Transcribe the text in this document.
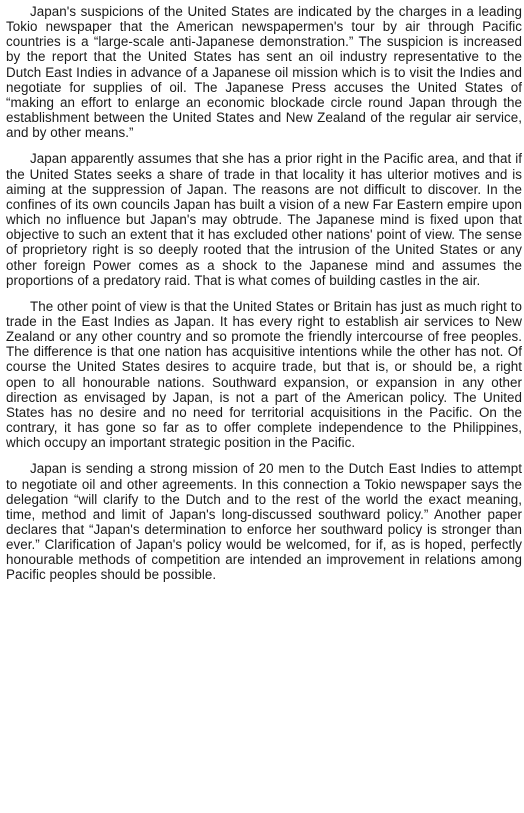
Japan's suspicions of the United States are indicated by the charges in a leading Tokio newspaper that the American newspapermen's tour by air through Pacific countries is a “large-scale anti-Japanese demonstration.” The suspicion is increased by the report that the United States has sent an oil industry representative to the Dutch East Indies in advance of a Japanese oil mission which is to visit the Indies and negotiate for supplies of oil. The Japanese Press accuses the United States of “making an effort to enlarge an economic blockade circle round Japan through the establishment between the United States and New Zealand of the regular air service, and by other means.”

Japan apparently assumes that she has a prior right in the Pacific area, and that if the United States seeks a share of trade in that locality it has ulterior motives and is aiming at the suppression of Japan. The reasons are not difficult to discover. In the confines of its own councils Japan has built a vision of a new Far Eastern empire upon which no influence but Japan's may obtrude. The Japanese mind is fixed upon that objective to such an extent that it has excluded other nations' point of view. The sense of proprietory right is so deeply rooted that the intrusion of the United States or any other foreign Power comes as a shock to the Japanese mind and assumes the proportions of a predatory raid. That is what comes of building castles in the air.

The other point of view is that the United States or Britain has just as much right to trade in the East Indies as Japan. It has every right to establish air services to New Zealand or any other country and so promote the friendly intercourse of free peoples. The difference is that one nation has acquisitive intentions while the other has not. Of course the United States desires to acquire trade, but that is, or should be, a right open to all honourable nations. Southward expansion, or expansion in any other direction as envisaged by Japan, is not a part of the American policy. The United States has no desire and no need for territorial acquisitions in the Pacific. On the contrary, it has gone so far as to offer complete independence to the Philippines, which occupy an important strategic position in the Pacific.

Japan is sending a strong mission of 20 men to the Dutch East Indies to attempt to negotiate oil and other agreements. In this connection a Tokio newspaper says the delegation “will clarify to the Dutch and to the rest of the world the exact meaning, time, method and limit of Japan's long-discussed southward policy.” Another paper declares that “Japan's determination to enforce her southward policy is stronger than ever.” Clarification of Japan's policy would be welcomed, for if, as is hoped, perfectly honourable methods of competition are intended an improvement in relations among Pacific peoples should be possible.
